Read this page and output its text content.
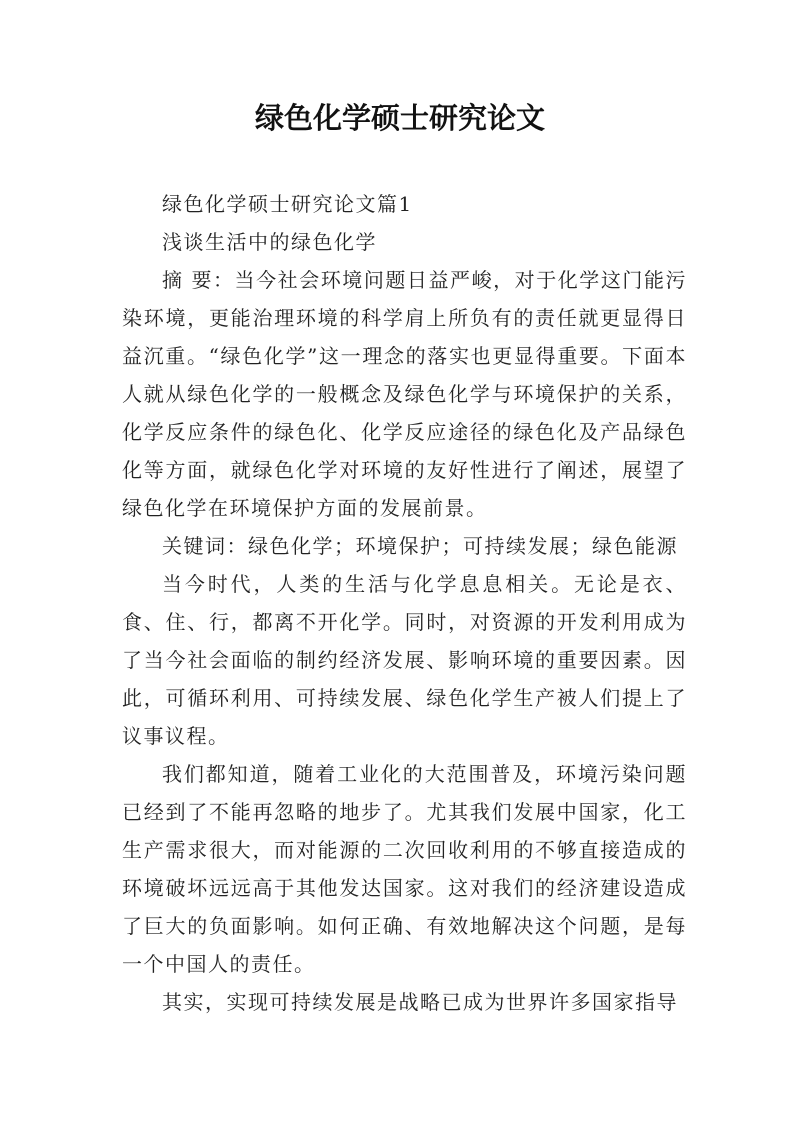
绿色化学硕士研究论文

绿色化学硕士研究论文篇1

浅谈生活中的绿色化学

摘 要：当今社会环境问题日益严峻，对于化学这门能污染环境，更能治理环境的科学肩上所负有的责任就更显得日益沉重。“绿色化学”这一理念的落实也更显得重要。下面本人就从绿色化学的一般概念及绿色化学与环境保护的关系，化学反应条件的绿色化、化学反应途径的绿色化及产品绿色化等方面，就绿色化学对环境的友好性进行了阐述，展望了绿色化学在环境保护方面的发展前景。

关键词：绿色化学；环境保护；可持续发展；绿色能源

当今时代，人类的生活与化学息息相关。无论是衣、食、住、行，都离不开化学。同时，对资源的开发利用成为了当今社会面临的制约经济发展、影响环境的重要因素。因此，可循环利用、可持续发展、绿色化学生产被人们提上了议事议程。

我们都知道，随着工业化的大范围普及，环境污染问题已经到了不能再忽略的地步了。尤其我们发展中国家，化工生产需求很大，而对能源的二次回收利用的不够直接造成的环境破坏远远高于其他发达国家。这对我们的经济建设造成了巨大的负面影响。如何正确、有效地解决这个问题，是每一个中国人的责任。

其实，实现可持续发展是战略已成为世界许多国家指导
